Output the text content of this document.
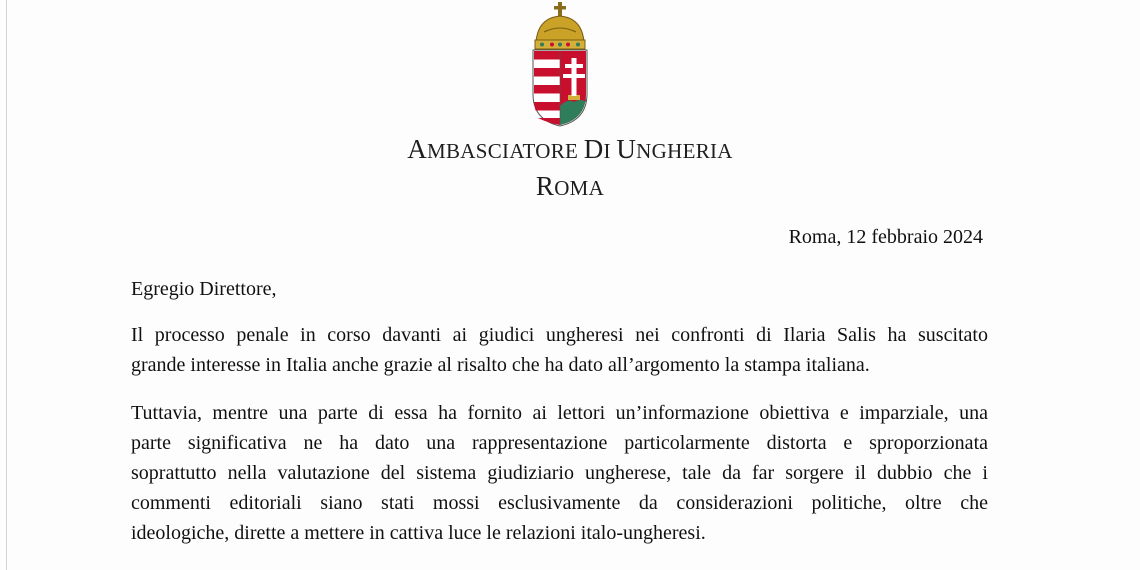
AMBASCIATORE DI UNGHERIA
ROMA
Roma, 12 febbraio 2024
Egregio Direttore,

Il processo penale in corso davanti ai giudici ungheresi nei confronti di Ilaria Salis ha suscitato
grande interesse in Italia anche grazie al risalto che ha dato all’argomento la stampa italiana.

Tuttavia, mentre una parte di essa ha fornito ai lettori un’informazione obiettiva e imparziale, una
parte significativa ne ha dato una rappresentazione particolarmente distorta e sproporzionata
soprattutto nella valutazione del sistema giudiziario ungherese, tale da far sorgere il dubbio che i
commenti editoriali siano stati mossi esclusivamente da considerazioni politiche, oltre che
ideologiche, dirette a mettere in cattiva luce le relazioni italo-ungheresi.
